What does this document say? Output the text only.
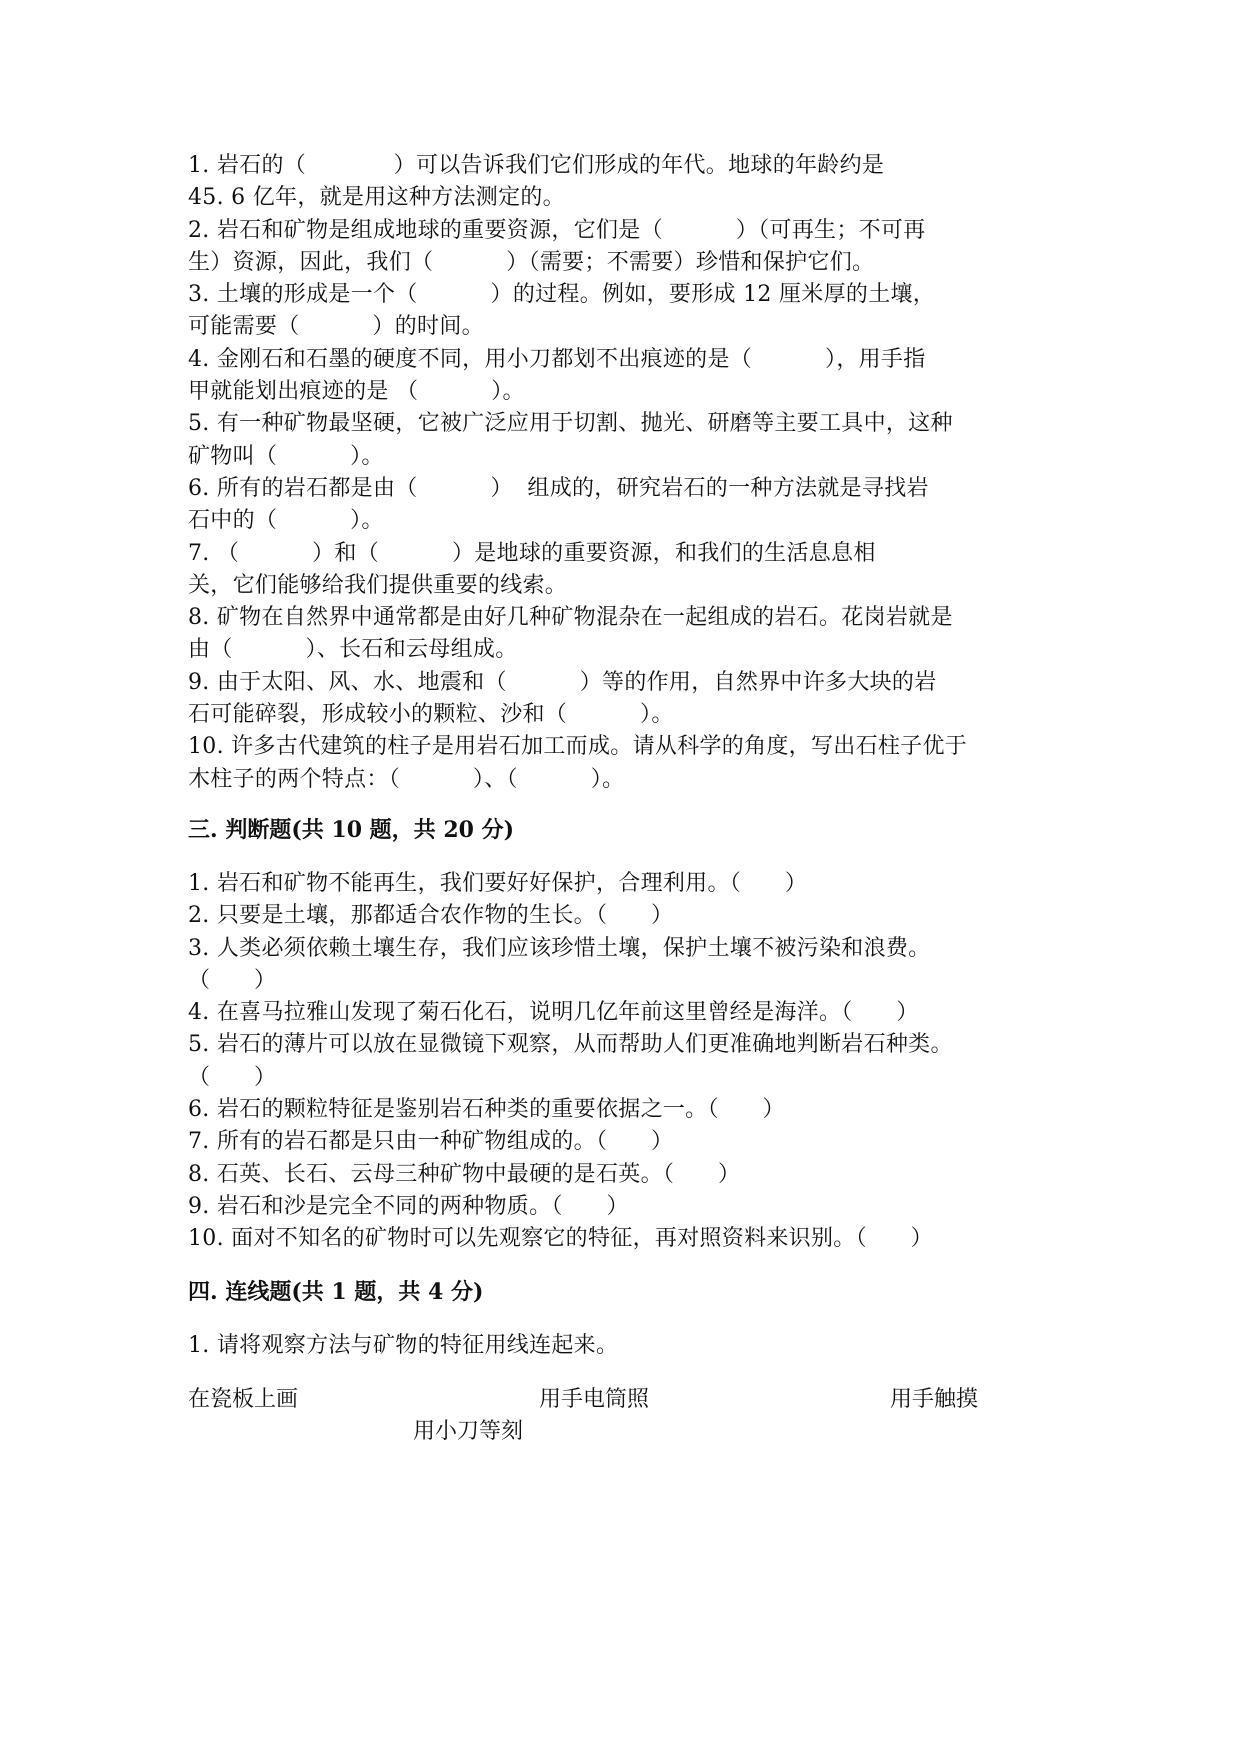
1. 岩石的（            ）可以告诉我们它们形成的年代。地球的年龄约是
45. 6 亿年，就是用这种方法测定的。
2. 岩石和矿物是组成地球的重要资源，它们是（          ）（可再生；不可再
生）资源，因此，我们（          ）（需要；不需要）珍惜和保护它们。
3. 土壤的形成是一个（          ）的过程。例如，要形成 12 厘米厚的土壤，
可能需要（          ）的时间。
4. 金刚石和石墨的硬度不同，用小刀都划不出痕迹的是（          ），用手指
甲就能划出痕迹的是 （          ）。
5. 有一种矿物最坚硬，它被广泛应用于切割、抛光、研磨等主要工具中，这种
矿物叫（          ）。
6. 所有的岩石都是由（          ）  组成的，研究岩石的一种方法就是寻找岩
石中的（          ）。
7. （          ）和（          ）是地球的重要资源，和我们的生活息息相
关，它们能够给我们提供重要的线索。
8. 矿物在自然界中通常都是由好几种矿物混杂在一起组成的岩石。花岗岩就是
由（          ）、长石和云母组成。
9. 由于太阳、风、水、地震和（          ）等的作用，自然界中许多大块的岩
石可能碎裂，形成较小的颗粒、沙和（          ）。
10. 许多古代建筑的柱子是用岩石加工而成。请从科学的角度，写出石柱子优于
木柱子的两个特点：（          ）、（          ）。
三. 判断题(共 10 题，共 20 分)
1. 岩石和矿物不能再生，我们要好好保护，合理利用。（      ）
2. 只要是土壤，那都适合农作物的生长。（      ）
3. 人类必须依赖土壤生存，我们应该珍惜土壤，保护土壤不被污染和浪费。
（      ）
4. 在喜马拉雅山发现了菊石化石，说明几亿年前这里曾经是海洋。（      ）
5. 岩石的薄片可以放在显微镜下观察，从而帮助人们更准确地判断岩石种类。
（      ）
6. 岩石的颗粒特征是鉴别岩石种类的重要依据之一。（      ）
7. 所有的岩石都是只由一种矿物组成的。（      ）
8. 石英、长石、云母三种矿物中最硬的是石英。（      ）
9. 岩石和沙是完全不同的两种物质。（      ）
10. 面对不知名的矿物时可以先观察它的特征，再对照资料来识别。（      ）
四. 连线题(共 1 题，共 4 分)
1. 请将观察方法与矿物的特征用线连起来。

在瓷板上画

	用手电筒照

	用手触摸

用小刀等刻
